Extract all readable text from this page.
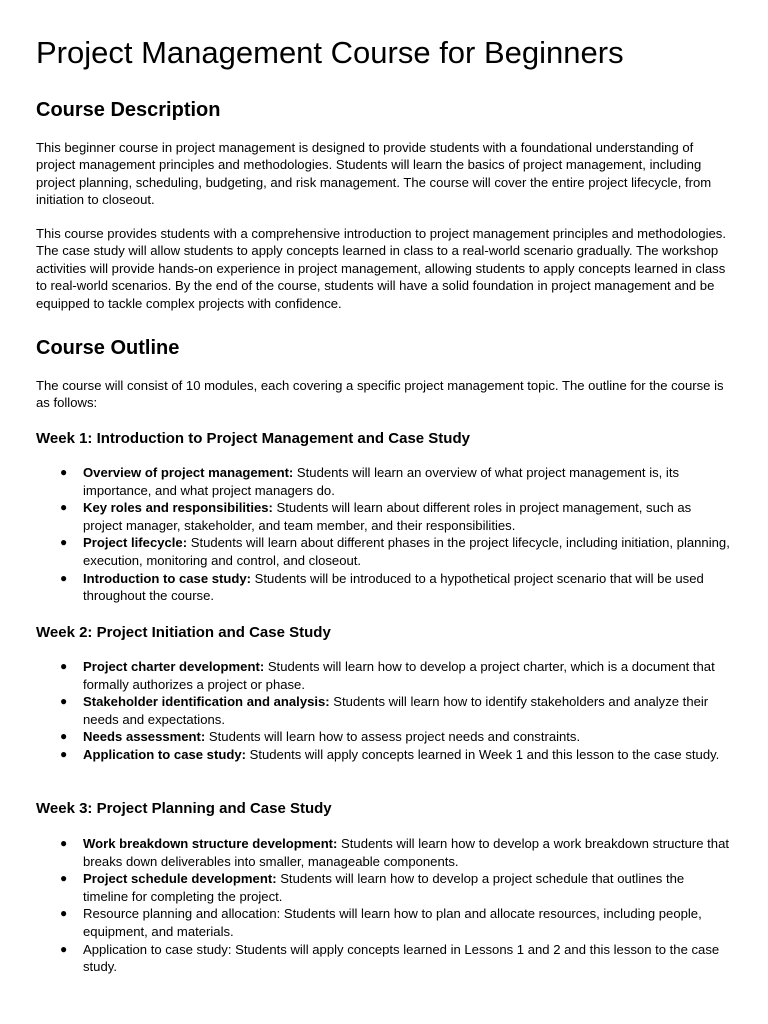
Project Management Course for Beginners
Course Description

This beginner course in project management is designed to provide students with a foundational understanding of project management principles and methodologies. Students will learn the basics of project management, including project planning, scheduling, budgeting, and risk management. The course will cover the entire project lifecycle, from initiation to closeout.

This course provides students with a comprehensive introduction to project management principles and methodologies. The case study will allow students to apply concepts learned in class to a real-world scenario gradually. The workshop activities will provide hands-on experience in project management, allowing students to apply concepts learned in class to real-world scenarios. By the end of the course, students will have a solid foundation in project management and be equipped to tackle complex projects with confidence.

Course Outline

The course will consist of 10 modules, each covering a specific project management topic. The outline for the course is as follows:

Week 1: Introduction to Project Management and Case Study
● Overview of project management: Students will learn an overview of what project management is, its importance, and what project managers do.
● Key roles and responsibilities: Students will learn about different roles in project management, such as project manager, stakeholder, and team member, and their responsibilities.
● Project lifecycle: Students will learn about different phases in the project lifecycle, including initiation, planning, execution, monitoring and control, and closeout.
● Introduction to case study: Students will be introduced to a hypothetical project scenario that will be used throughout the course.
Week 2: Project Initiation and Case Study
● Project charter development: Students will learn how to develop a project charter, which is a document that formally authorizes a project or phase.
● Stakeholder identification and analysis: Students will learn how to identify stakeholders and analyze their needs and expectations.
● Needs assessment: Students will learn how to assess project needs and constraints.
● Application to case study: Students will apply concepts learned in Week 1 and this lesson to the case study.
Week 3: Project Planning and Case Study
● Work breakdown structure development: Students will learn how to develop a work breakdown structure that breaks down deliverables into smaller, manageable components.
● Project schedule development: Students will learn how to develop a project schedule that outlines the timeline for completing the project.
● Resource planning and allocation: Students will learn how to plan and allocate resources, including people, equipment, and materials.
● Application to case study: Students will apply concepts learned in Lessons 1 and 2 and this lesson to the case study.
